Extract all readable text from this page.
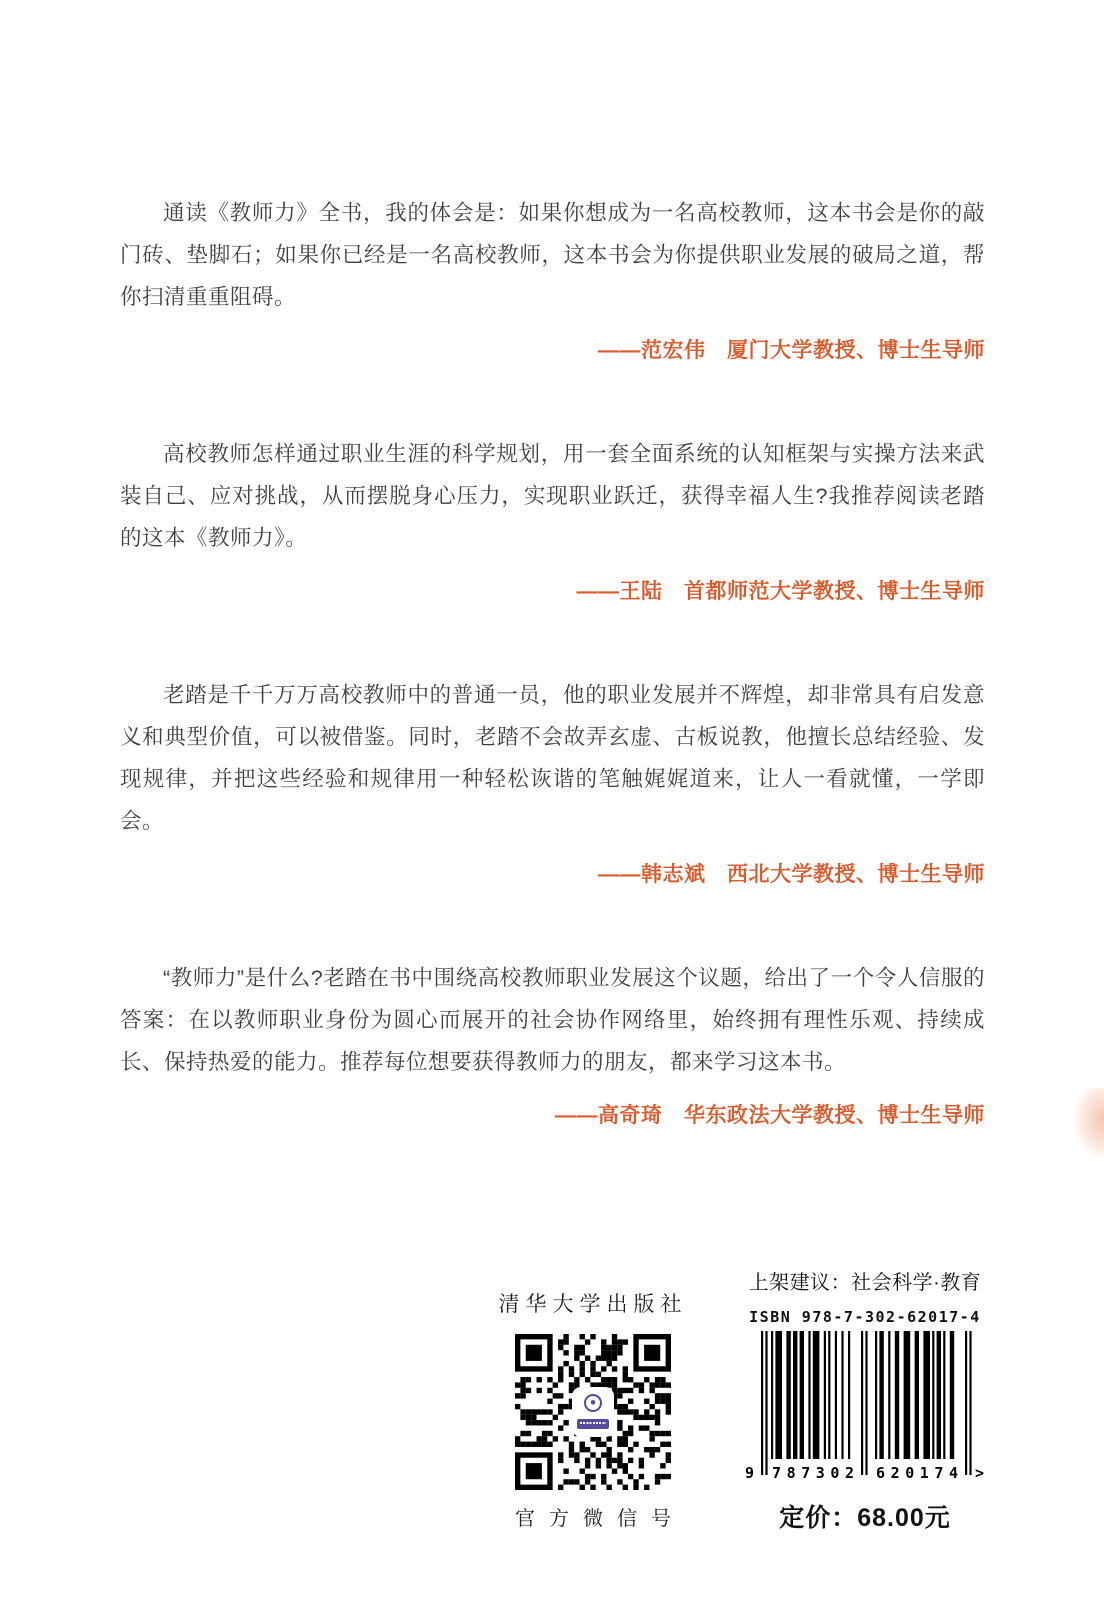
通读《教师力》全书，我的体会是：如果你想成为一名高校教师，这本书会是你的敲门砖、垫脚石；如果你已经是一名高校教师，这本书会为你提供职业发展的破局之道，帮你扫清重重阻碍。

——范宏伟　厦门大学教授、博士生导师

高校教师怎样通过职业生涯的科学规划，用一套全面系统的认知框架与实操方法来武装自己、应对挑战，从而摆脱身心压力，实现职业跃迁，获得幸福人生?我推荐阅读老踏的这本《教师力》。

——王陆　首都师范大学教授、博士生导师

老踏是千千万万高校教师中的普通一员，他的职业发展并不辉煌，却非常具有启发意义和典型价值，可以被借鉴。同时，老踏不会故弄玄虚、古板说教，他擅长总结经验、发现规律，并把这些经验和规律用一种轻松诙谐的笔触娓娓道来，让人一看就懂，一学即会。

——韩志斌　西北大学教授、博士生导师

“教师力”是什么?老踏在书中围绕高校教师职业发展这个议题，给出了一个令人信服的答案：在以教师职业身份为圆心而展开的社会协作网络里，始终拥有理性乐观、持续成长、保持热爱的能力。推荐每位想要获得教师力的朋友，都来学习这本书。

——高奇琦　华东政法大学教授、博士生导师

清华大学出版社
官方微信号
上架建议：社会科学·教育
ISBN 978-7-302-62017-4
9 787302 620174 >
定价：68.00元
